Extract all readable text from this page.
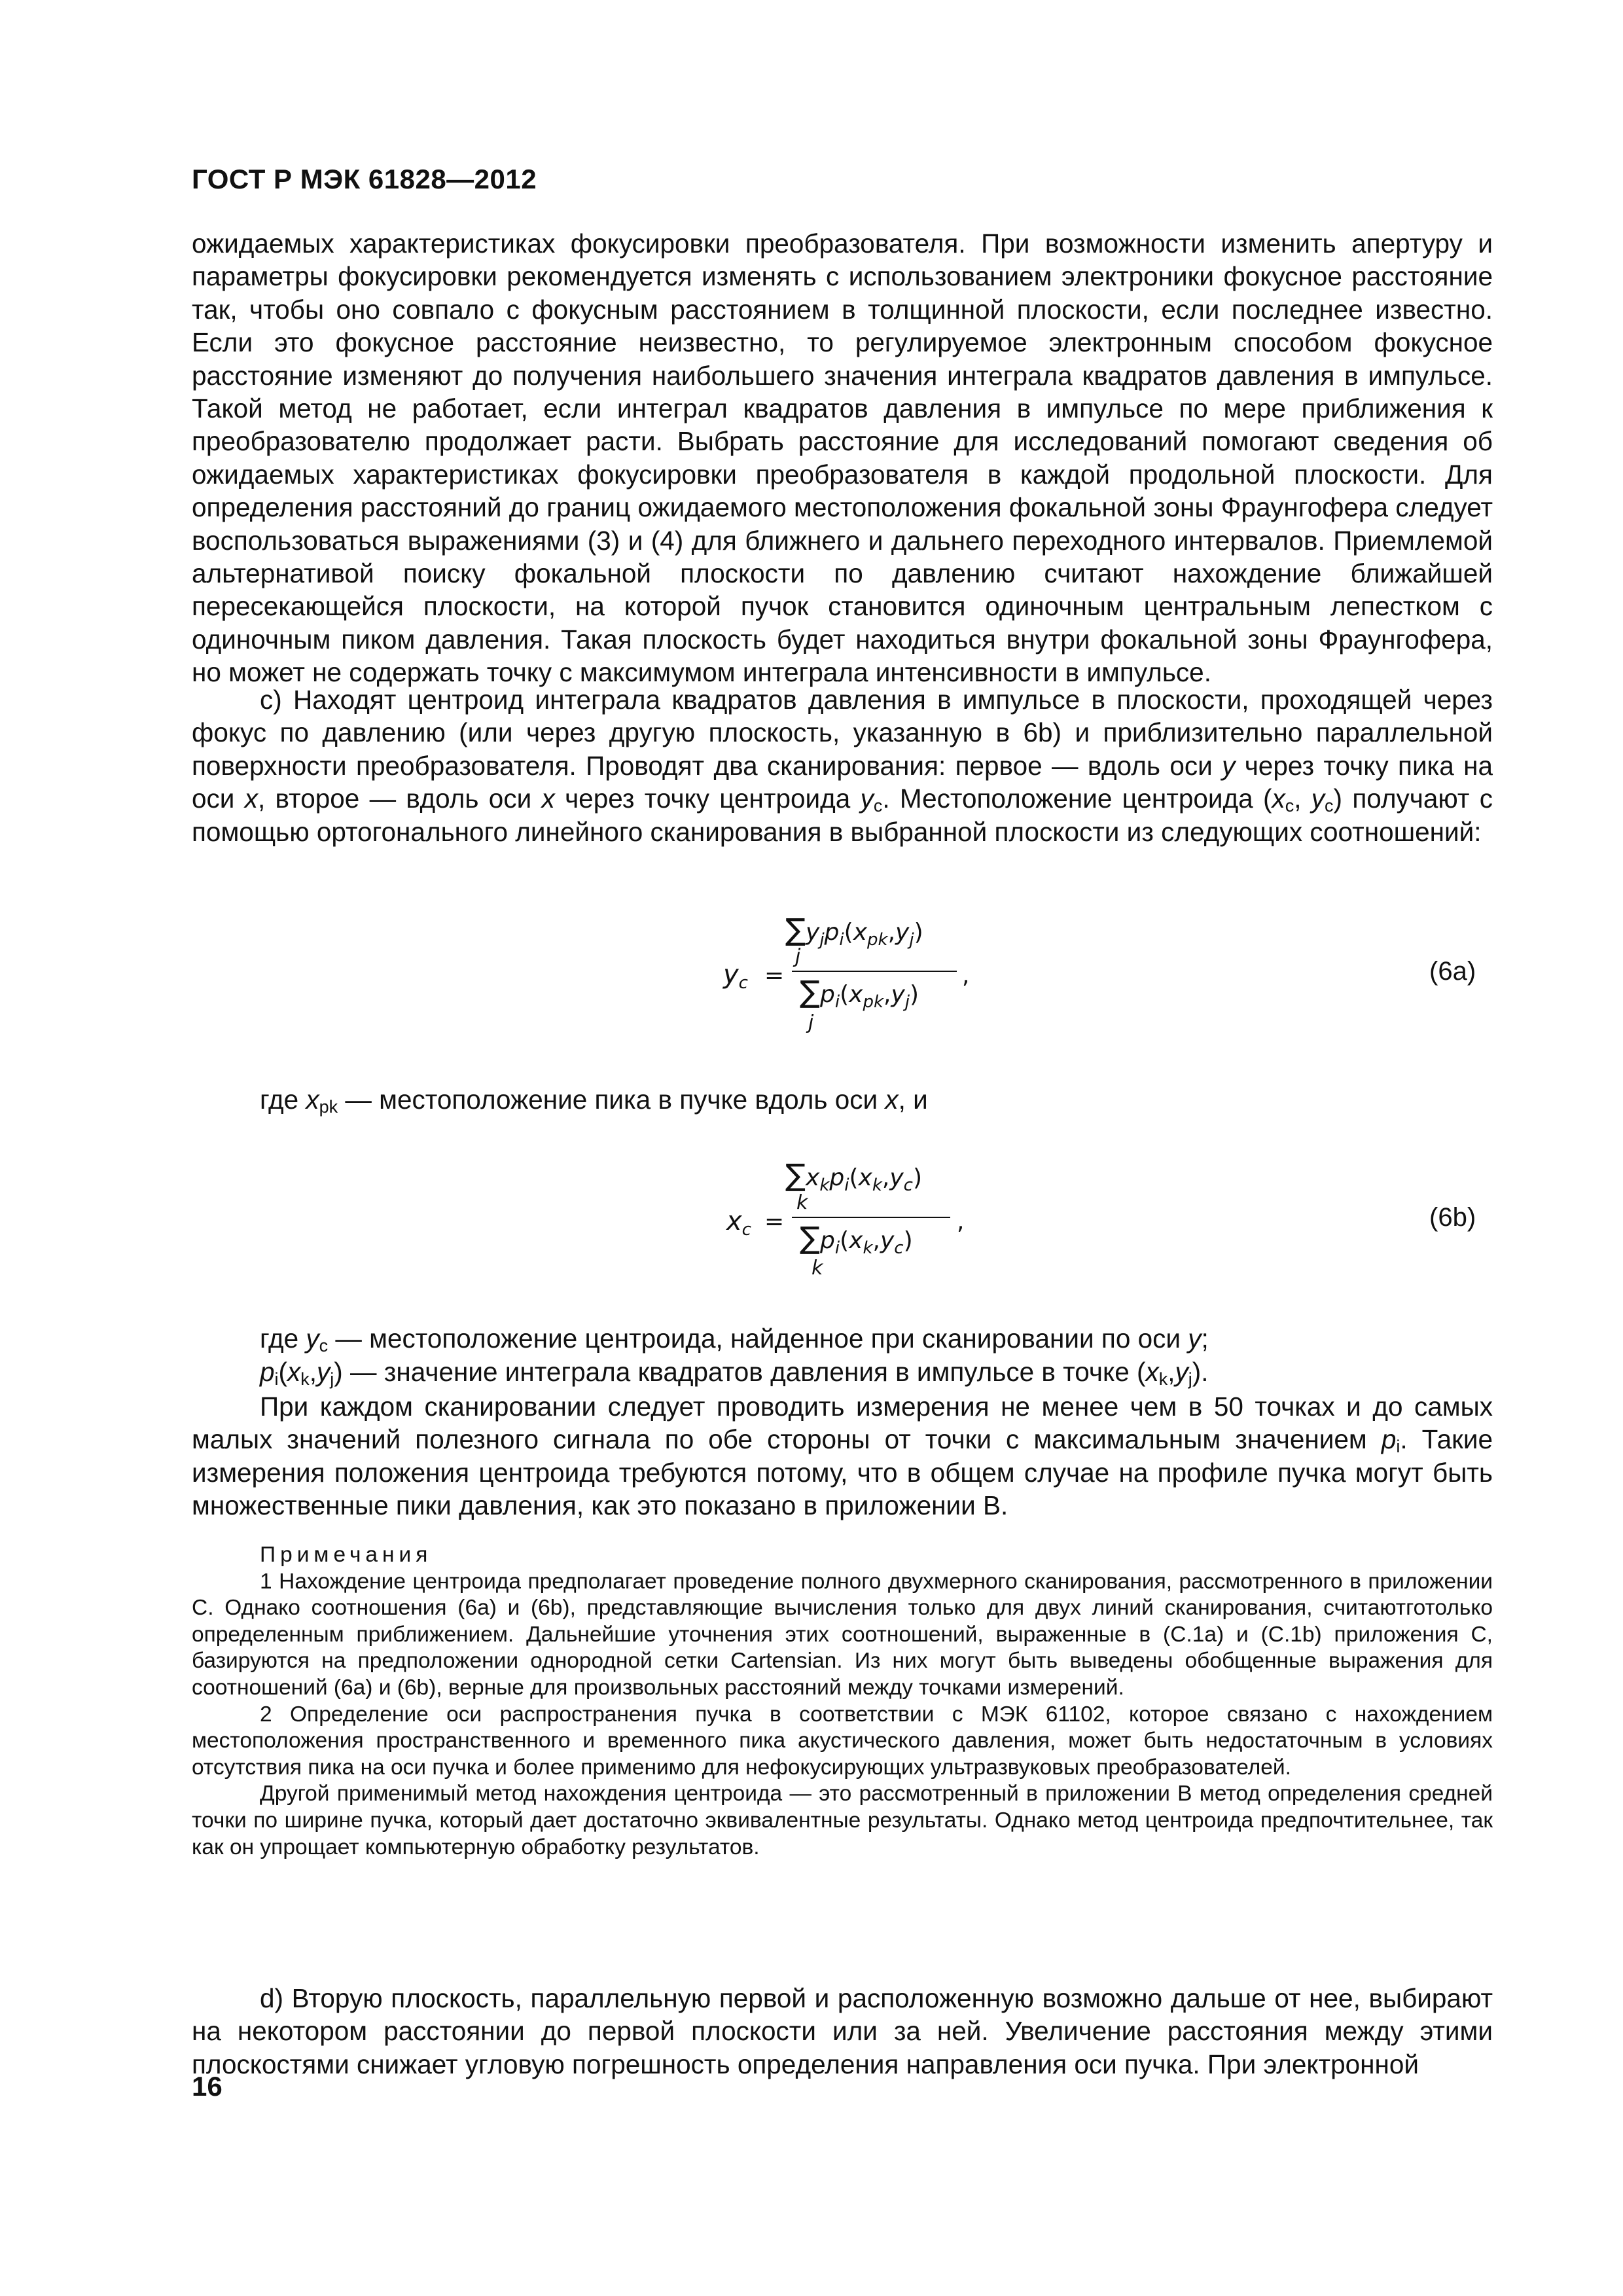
ГОСТ Р МЭК 61828—2012

ожидаемых характеристиках фокусировки преобразователя. При возможности изменить апертуру и параметры фокусировки рекомендуется изменять с использованием электроники фокусное расстояние так, чтобы оно совпало с фокусным расстоянием в толщинной плоскости, если последнее известно. Если это фокусное расстояние неизвестно, то регулируемое электронным способом фокусное расстояние изменяют до получения наибольшего значения интеграла квадратов давления в импульсе. Такой метод не работает, если интеграл квадратов давления в импульсе по мере приближения к преобразователю продолжает расти. Выбрать расстояние для исследований помогают сведения об ожидаемых характеристиках фокусировки преобразователя в каждой продольной плоскости. Для определения расстояний до границ ожидаемого местоположения фокальной зоны Фраунгофера следует воспользоваться выражениями (3) и (4) для ближнего и дальнего переходного интервалов. Приемлемой альтернативой поиску фокальной плоскости по давлению считают нахождение ближайшей пересекающейся плоскости, на которой пучок становится одиночным центральным лепестком с одиночным пиком давления. Такая плоскость будет находиться внутри фокальной зоны Фраунгофера, но может не содержать точку с максимумом интеграла интенсивности в импульсе.

c) Находят центроид интеграла квадратов давления в импульсе в плоскости, проходящей через фокус по давлению (или через другую плоскость, указанную в 6b) и приблизительно параллельной поверхности преобразователя. Проводят два сканирования: первое — вдоль оси y через точку пика на оси x, второе — вдоль оси x через точку центроида $y_c$. Местоположение центроида ($x_c$, $y_c$) получают с помощью ортогонального линейного сканирования в выбранной плоскости из следующих соотношений:

$y_c$ =
$\sum y_jp_i(x_{pk},y_j)$
j
$\sum p_i(x_{pk},y_j)$
j
,	(6a)
где $x_{pk}$ — местоположение пика в пучке вдоль оси x, и
$x_c$ =
$\sum x_kp_i(x_k,y_c)$
k
$\sum p_i(x_k,y_c)$
k
,	(6b)
где $y_c$ — местоположение центроида, найденное при сканировании по оси y;
$p_i(x_k,y_j)$ — значение интеграла квадратов давления в импульсе в точке $(x_k,y_j)$.

При каждом сканировании следует проводить измерения не менее чем в 50 точках и до самых малых значений полезного сигнала по обе стороны от точки с максимальным значением $p_i$. Такие измерения положения центроида требуются потому, что в общем случае на профиле пучка могут быть множественные пики давления, как это показано в приложении В.

Примечания

1 Нахождение центроида предполагает проведение полного двухмерного сканирования, рассмотренного в приложении С. Однако соотношения (6a) и (6b), представляющие вычисления только для двух линий сканирования, считаютготолько определенным приближением. Дальнейшие уточнения этих соотношений, выраженные в (C.1a) и (C.1b) приложения С, базируются на предположении однородной сетки Cartensian. Из них могут быть выведены обобщенные выражения для соотношений (6a) и (6b), верные для произвольных расстояний между точками измерений.

2 Определение оси распространения пучка в соответствии с МЭК 61102, которое связано с нахождением местоположения пространственного и временного пика акустического давления, может быть недостаточным в условиях отсутствия пика на оси пучка и более применимо для нефокусирующих ультразвуковых преобразователей.

Другой применимый метод нахождения центроида — это рассмотренный в приложении В метод определения средней точки по ширине пучка, который дает достаточно эквивалентные результаты. Однако метод центроида предпочтительнее, так как он упрощает компьютерную обработку результатов.

d) Вторую плоскость, параллельную первой и расположенную возможно дальше от нее, выбирают на некотором расстоянии до первой плоскости или за ней. Увеличение расстояния между этими плоскостями снижает угловую погрешность определения направления оси пучка. При электронной

16
